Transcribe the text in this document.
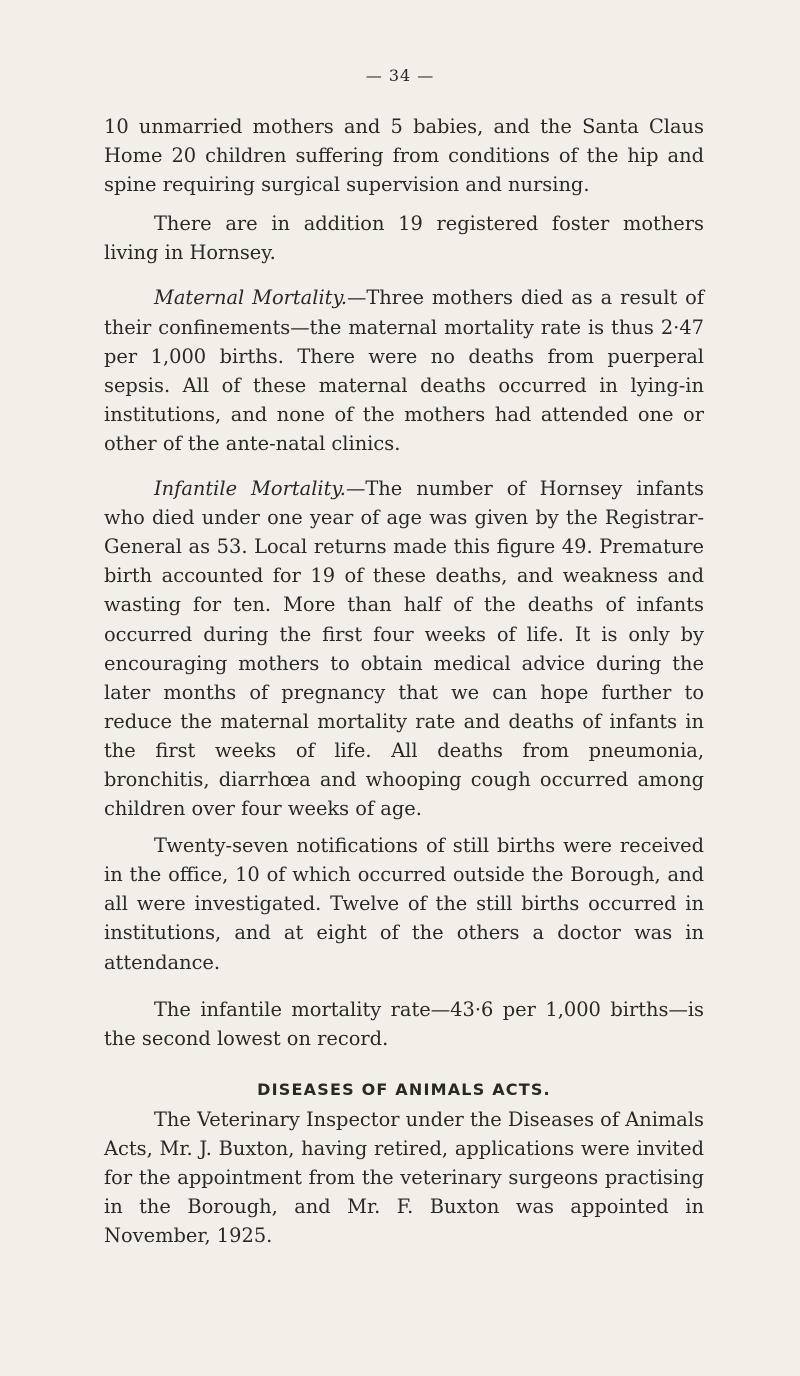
— 34 —

10 unmarried mothers and 5 babies, and the Santa Claus Home 20 children suffering from conditions of the hip and spine requiring surgical supervision and nursing.

There are in addition 19 registered foster mothers living in Hornsey.

Maternal Mortality.—Three mothers died as a result of their confinements—the maternal mortality rate is thus 2·47 per 1,000 births. There were no deaths from puerperal sepsis. All of these maternal deaths occurred in lying-in institutions, and none of the mothers had attended one or other of the ante-natal clinics.

Infantile Mortality.—The number of Hornsey infants who died under one year of age was given by the Registrar-General as 53. Local returns made this figure 49. Premature birth accounted for 19 of these deaths, and weakness and wasting for ten. More than half of the deaths of infants occurred during the first four weeks of life. It is only by encouraging mothers to obtain medical advice during the later months of pregnancy that we can hope further to reduce the maternal mortality rate and deaths of infants in the first weeks of life. All deaths from pneumonia, bronchitis, diarrhœa and whooping cough occurred among children over four weeks of age.

Twenty-seven notifications of still births were received in the office, 10 of which occurred outside the Borough, and all were investigated. Twelve of the still births occurred in institutions, and at eight of the others a doctor was in attendance.

The infantile mortality rate—43·6 per 1,000 births—is the second lowest on record.

DISEASES OF ANIMALS ACTS.

The Veterinary Inspector under the Diseases of Animals Acts, Mr. J. Buxton, having retired, applications were invited for the appointment from the veterinary surgeons practising in the Borough, and Mr. F. Buxton was appointed in November, 1925.
